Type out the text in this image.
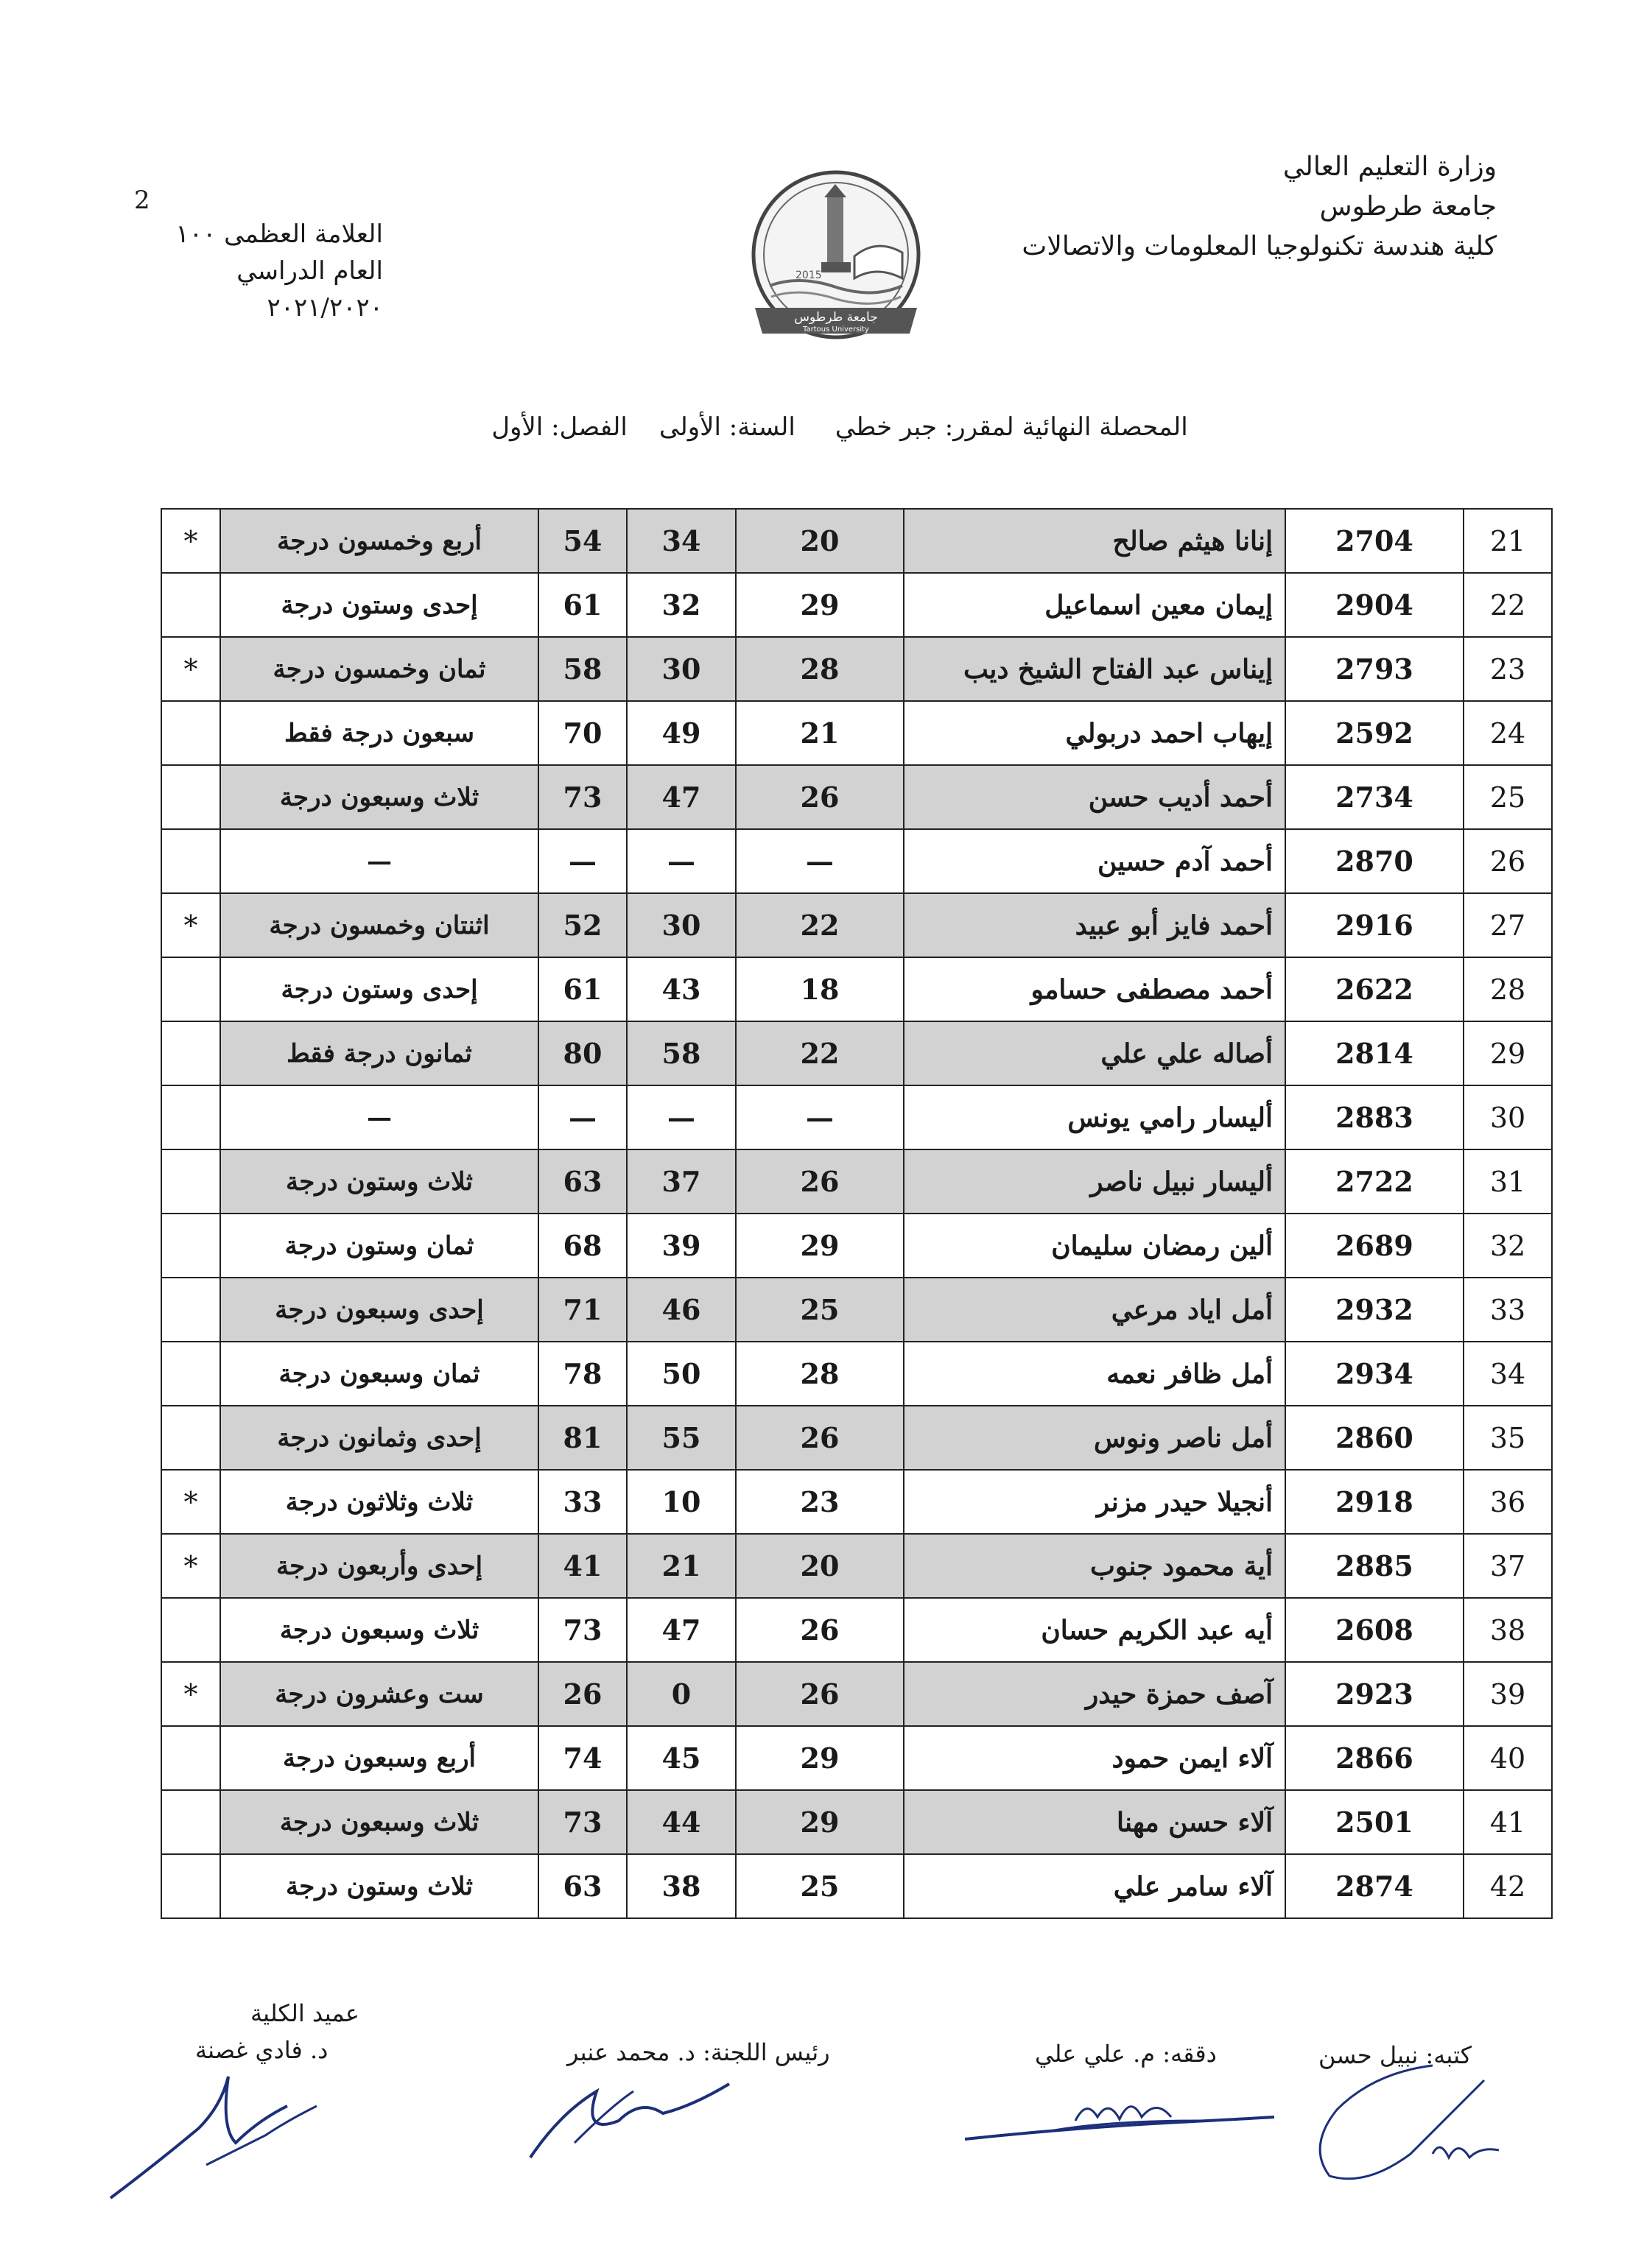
وزارة التعليم العالي
جامعة طرطوس
كلية هندسة تكنولوجيا المعلومات والاتصالات
2
العلامة العظمى ١٠٠
العام الدراسي ٢٠٢١/٢٠٢٠
2015
جامعة طرطوس
Tartous University
المحصلة النهائية لمقرر: جبر خطي     السنة: الأولى    الفصل: الأول
21	2704	إنانا هيثم صالح	20	34	54	أربع وخمسون درجة	*
22	2904	إيمان معين اسماعيل	29	32	61	إحدى وستون درجة	
23	2793	إيناس عبد الفتاح الشيخ ديب	28	30	58	ثمان وخمسون درجة	*
24	2592	إيهاب احمد دربولي	21	49	70	سبعون درجة فقط	
25	2734	أحمد أديب حسن	26	47	73	ثلاث وسبعون درجة	
26	2870	أحمد آدم حسين	—	—	—	—	
27	2916	أحمد فايز أبو عبيد	22	30	52	اثنتان وخمسون درجة	*
28	2622	أحمد مصطفى حسامو	18	43	61	إحدى وستون درجة	
29	2814	أصاله علي علي	22	58	80	ثمانون درجة فقط	
30	2883	أليسار رامي يونس	—	—	—	—	
31	2722	أليسار نبيل ناصر	26	37	63	ثلاث وستون درجة	
32	2689	ألين رمضان سليمان	29	39	68	ثمان وستون درجة	
33	2932	أمل اياد مرعي	25	46	71	إحدى وسبعون درجة	
34	2934	أمل ظافر نعمه	28	50	78	ثمان وسبعون درجة	
35	2860	أمل ناصر ونوس	26	55	81	إحدى وثمانون درجة	
36	2918	أنجيلا حيدر مزنر	23	10	33	ثلاث وثلاثون درجة	*
37	2885	أية محمود جنوب	20	21	41	إحدى وأربعون درجة	*
38	2608	أيه عبد الكريم حسان	26	47	73	ثلاث وسبعون درجة	
39	2923	آصف حمزة حيدر	26	0	26	ست وعشرون درجة	*
40	2866	آلاء ايمن حمود	29	45	74	أربع وسبعون درجة	
41	2501	آلاء حسن مهنا	29	44	73	ثلاث وسبعون درجة	
42	2874	آلاء سامر علي	25	38	63	ثلاث وستون درجة	
كتبه: نبيل حسن
دققه: م. علي علي
رئيس اللجنة: د. محمد عنبر
عميد الكلية
د. فادي غصنة
